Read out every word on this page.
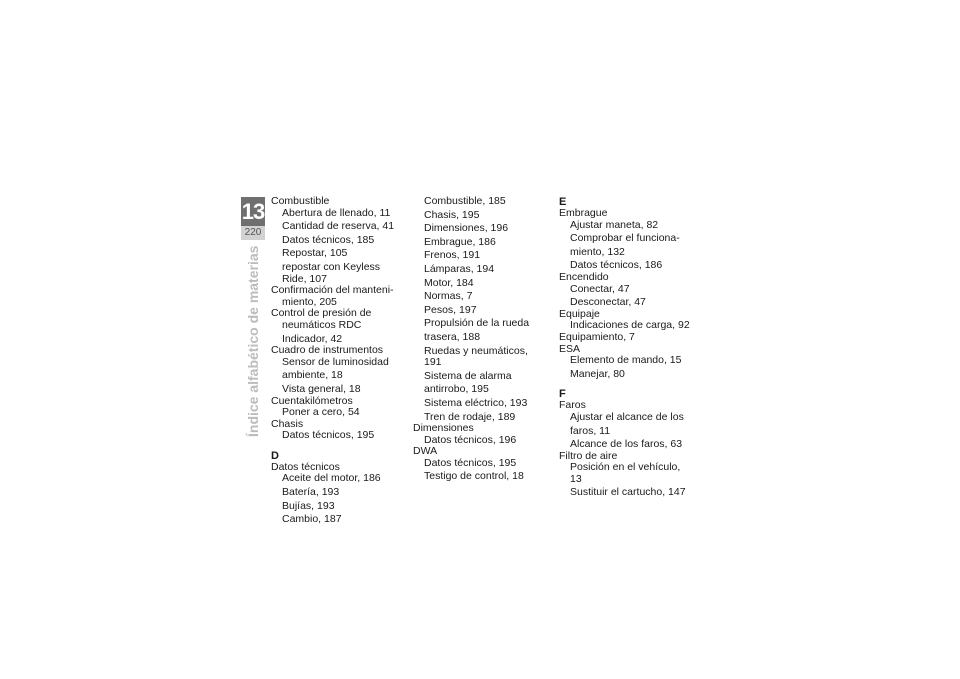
13
220
Índice alfabético de materias
Combustible
Abertura de llenado, 11
Cantidad de reserva, 41
Datos técnicos, 185
Repostar, 105
repostar con Keyless Ride, 107
Confirmación del manteni-
miento, 205
Control de presión de
neumáticos RDC
Indicador, 42
Cuadro de instrumentos
Sensor de luminosidad
ambiente, 18
Vista general, 18
Cuentakilómetros
Poner a cero, 54
Chasis
Datos técnicos, 195
D
Datos técnicos
Aceite del motor, 186
Batería, 193
Bujías, 193
Cambio, 187
Combustible, 185
Chasis, 195
Dimensiones, 196
Embrague, 186
Frenos, 191
Lámparas, 194
Motor, 184
Normas, 7
Pesos, 197
Propulsión de la rueda
trasera, 188
Ruedas y neumáticos, 191
Sistema de alarma
antirrobo, 195
Sistema eléctrico, 193
Tren de rodaje, 189
Dimensiones
Datos técnicos, 196
DWA
Datos técnicos, 195
Testigo de control, 18
E
Embrague
Ajustar maneta, 82
Comprobar el funciona-
miento, 132
Datos técnicos, 186
Encendido
Conectar, 47
Desconectar, 47
Equipaje
Indicaciones de carga, 92
Equipamiento, 7
ESA
Elemento de mando, 15
Manejar, 80
F
Faros
Ajustar el alcance de los
faros, 11
Alcance de los faros, 63
Filtro de aire
Posición en el vehículo, 13
Sustituir el cartucho, 147
